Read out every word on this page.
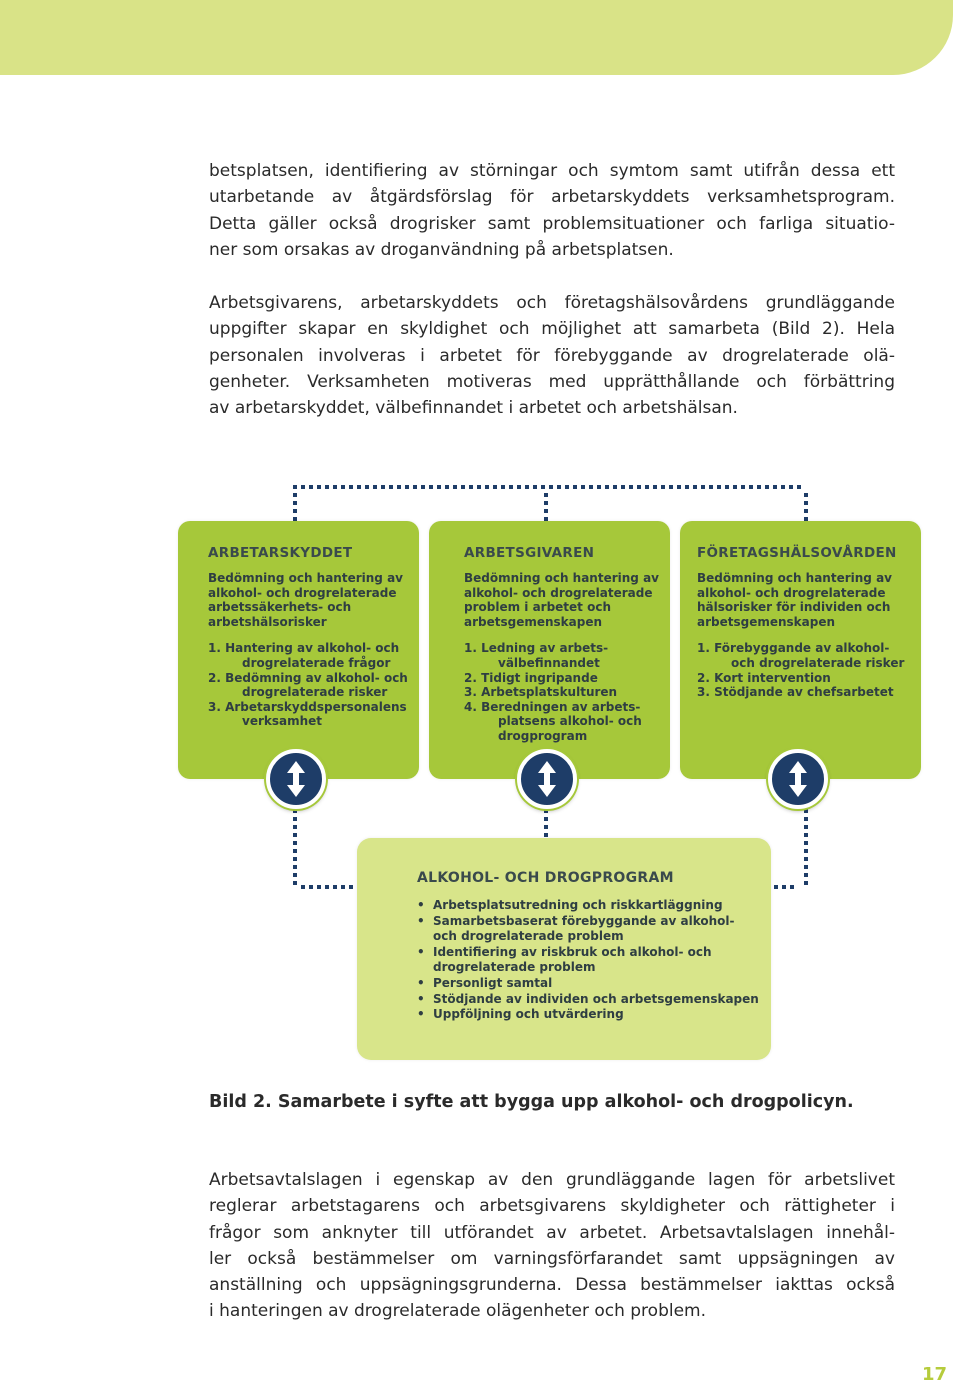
betsplatsen, identifiering av störningar och symtom samt utifrån dessa ett
utarbetande av åtgärdsförslag för arbetarskyddets verksamhetsprogram.
Detta gäller också drogrisker samt problemsituationer och farliga situatio-
ner som orsakas av droganvändning på arbetsplatsen.
Arbetsgivarens, arbetarskyddets och företagshälsovårdens grundläggande
uppgifter skapar en skyldighet och möjlighet att samarbeta (Bild 2). Hela
personalen involveras i arbetet för förebyggande av drogrelaterade olä-
genheter. Verksamheten motiveras med upprätthållande och förbättring
av arbetarskyddet, välbefinnandet i arbetet och arbetshälsan.
ARBETARSKYDDET
Bedömning och hantering av
alkohol- och drogrelaterade
arbetssäkerhets- och
arbetshälsorisker
1. Hantering av alkohol- och
drogrelaterade frågor
2. Bedömning av alkohol- och
drogrelaterade risker
3. Arbetarskyddspersonalens
verksamhet
ARBETSGIVAREN
Bedömning och hantering av
alkohol- och drogrelaterade
problem i arbetet och
arbetsgemenskapen
1. Ledning av arbets-
välbefinnandet
2. Tidigt ingripande
3. Arbetsplatskulturen
4. Beredningen av arbets-
platsens alkohol- och
drogprogram
FÖRETAGSHÄLSOVÅRDEN
Bedömning och hantering av
alkohol- och drogrelaterade
hälsorisker för individen och
arbetsgemenskapen
1. Förebyggande av alkohol-
och drogrelaterade risker
2. Kort intervention
3. Stödjande av chefsarbetet
ALKOHOL- OCH DROGPROGRAM
• Arbetsplatsutredning och riskkartläggning
• Samarbetsbaserat förebyggande av alkohol-
och drogrelaterade problem
• Identifiering av riskbruk och alkohol- och
drogrelaterade problem
• Personligt samtal
• Stödjande av individen och arbetsgemenskapen
• Uppföljning och utvärdering
Bild 2. Samarbete i syfte att bygga upp alkohol- och drogpolicyn.
Arbetsavtalslagen i egenskap av den grundläggande lagen för arbetslivet
reglerar arbetstagarens och arbetsgivarens skyldigheter och rättigheter i
frågor som anknyter till utförandet av arbetet. Arbetsavtalslagen innehål-
ler också bestämmelser om varningsförfarandet samt uppsägningen av
anställning och uppsägningsgrunderna. Dessa bestämmelser iakttas också
i hanteringen av drogrelaterade olägenheter och problem.
17
